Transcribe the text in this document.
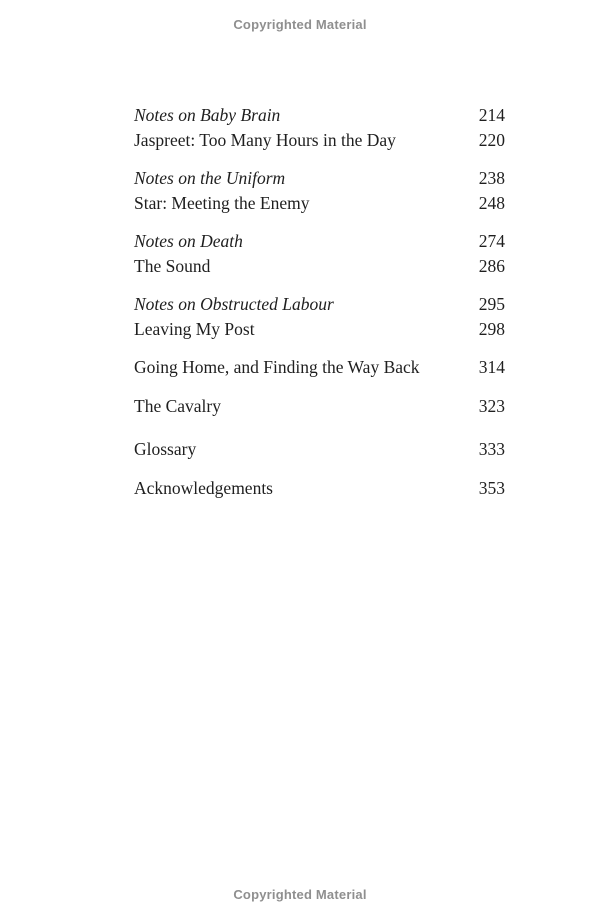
Copyrighted Material
Notes on Baby Brain	214
Jaspreet: Too Many Hours in the Day	220
Notes on the Uniform	238
Star: Meeting the Enemy	248
Notes on Death	274
The Sound	286
Notes on Obstructed Labour	295
Leaving My Post	298
Going Home, and Finding the Way Back	314
The Cavalry	323
Glossary	333
Acknowledgements	353
Copyrighted Material
